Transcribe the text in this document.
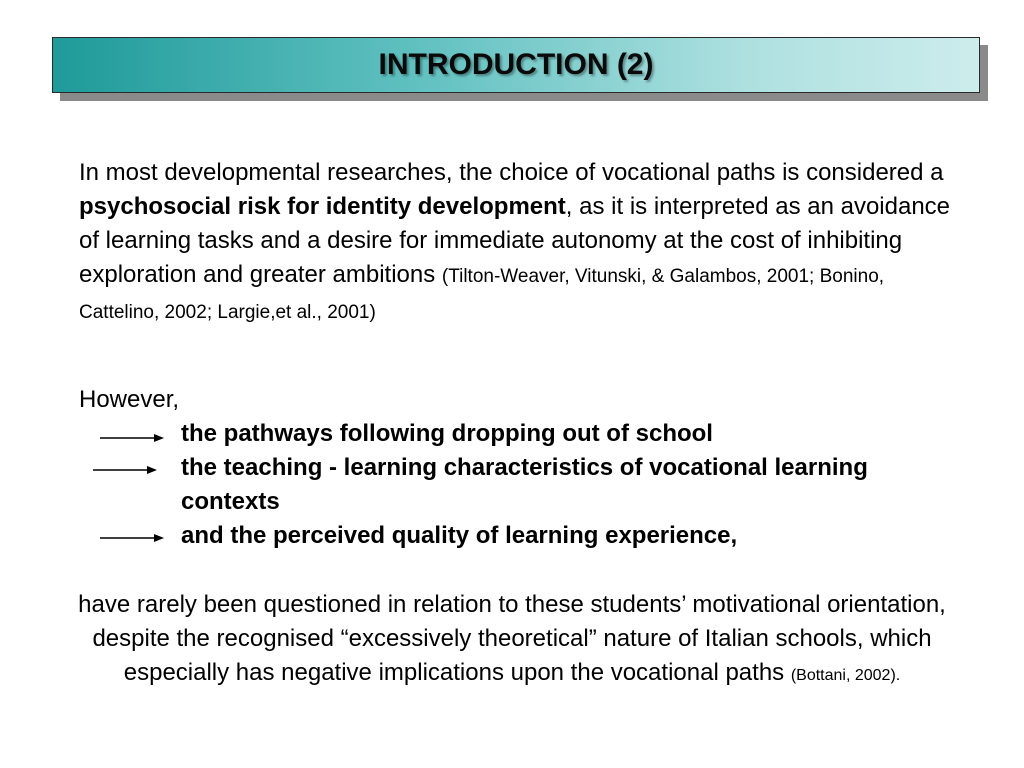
INTRODUCTION (2)
In most developmental researches, the choice of vocational paths is considered a psychosocial risk for identity development, as it is interpreted as an avoidance of learning tasks and a desire for immediate autonomy at the cost of inhibiting exploration and greater ambitions (Tilton-Weaver, Vitunski, & Galambos, 2001; Bonino, Cattelino, 2002; Largie,et al., 2001)
However,
the pathways following dropping out of school
the teaching - learning characteristics of vocational learning contexts
and the perceived quality of learning experience,
have rarely been questioned in relation to these students’ motivational orientation, despite the recognised “excessively theoretical” nature of Italian schools, which especially has negative implications upon the vocational paths (Bottani, 2002).
